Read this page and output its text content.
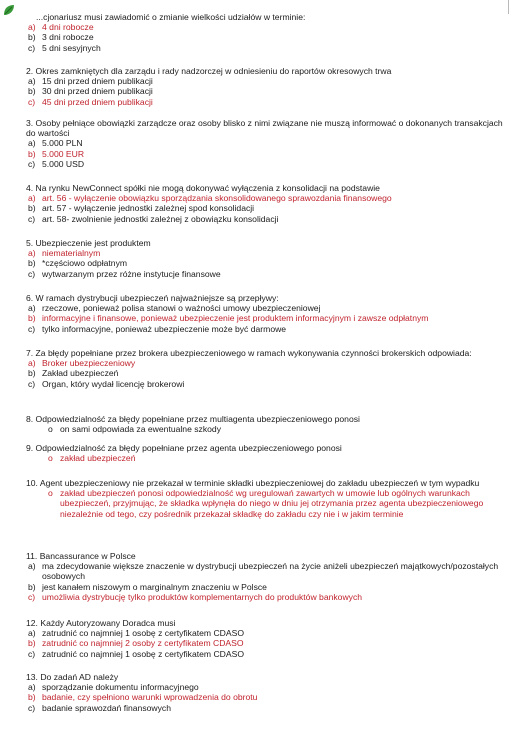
...cjonariusz musi zawiadomić o zmianie wielkości udziałów w terminie:
a) 4 dni robocze
b) 3 dni robocze
c) 5 dni sesyjnych
2. Okres zamkniętych dla zarządu i rady nadzorczej w odniesieniu do raportów okresowych trwa
a) 15 dni przed dniem publikacji
b) 30 dni przed dniem publikacji
c) 45 dni przed dniem publikacji
3. Osoby pełniące obowiązki zarządcze oraz osoby blisko z nimi związane nie muszą informować o dokonanych transakcjach do wartości
a) 5.000 PLN
b) 5.000 EUR
c) 5.000 USD
4. Na rynku NewConnect spółki nie mogą dokonywać wyłączenia z konsolidacji na podstawie
a) art. 56 - wyłączenie obowiązku sporządzania skonsolidowanego sprawozdania finansowego
b) art. 57 - wyłączenie jednostki zależnej spod konsolidacji
c) art. 58- zwolnienie jednostki zależnej z obowiązku konsolidacji
5. Ubezpieczenie jest produktem
a) niematerialnym
b) *częściowo odpłatnym
c) wytwarzanym przez różne instytucje finansowe
6. W ramach dystrybucji ubezpieczeń najważniejsze są przepływy:
a) rzeczowe, ponieważ polisa stanowi o ważności umowy ubezpieczeniowej
b) informacyjne i finansowe, ponieważ ubezpieczenie jest produktem informacyjnym i zawsze odpłatnym
c) tylko informacyjne, ponieważ ubezpieczenie może być darmowe
7. Za błędy popełniane przez brokera ubezpieczeniowego w ramach wykonywania czynności brokerskich odpowiada:
a) Broker ubezpieczeniowy
b) Zakład ubezpieczeń
c) Organ, który wydał licencję brokerowi
8. Odpowiedzialność za błędy popełniane przez multiagenta ubezpieczeniowego ponosi
o on sami odpowiada za ewentualne szkody
9. Odpowiedzialność za błędy popełniane przez agenta ubezpieczeniowego ponosi
o zakład ubezpieczeń
10. Agent ubezpieczeniowy nie przekazał w terminie składki ubezpieczeniowej do zakładu ubezpieczeń w tym wypadku
o zakład ubezpieczeń ponosi odpowiedzialność wg uregulowań zawartych w umowie lub ogólnych warunkach ubezpieczeń, przyjmując, że składka wpłynęła do niego w dniu jej otrzymania przez agenta ubezpieczeniowego niezależnie od tego, czy pośrednik przekazał składkę do zakładu czy nie i w jakim terminie
11. Bancassurance w Polsce
a) ma zdecydowanie większe znaczenie w dystrybucji ubezpieczeń na życie aniżeli ubezpieczeń majątkowych/pozostałych osobowych
b) jest kanałem niszowym o marginalnym znaczeniu w Polsce
c) umożliwia dystrybucję tylko produktów komplementarnych do produktów bankowych
12. Każdy Autoryzowany Doradca musi
a) zatrudnić co najmniej 1 osobę z certyfikatem CDASO
b) zatrudnić co najmniej 2 osoby z certyfikatem CDASO
c) zatrudnić co najmniej 1 osobę z certyfikatem CDASO
13. Do zadań AD należy
a) sporządzanie dokumentu informacyjnego
b) badanie, czy spełniono warunki wprowadzenia do obrotu
c) badanie sprawozdań finansowych
